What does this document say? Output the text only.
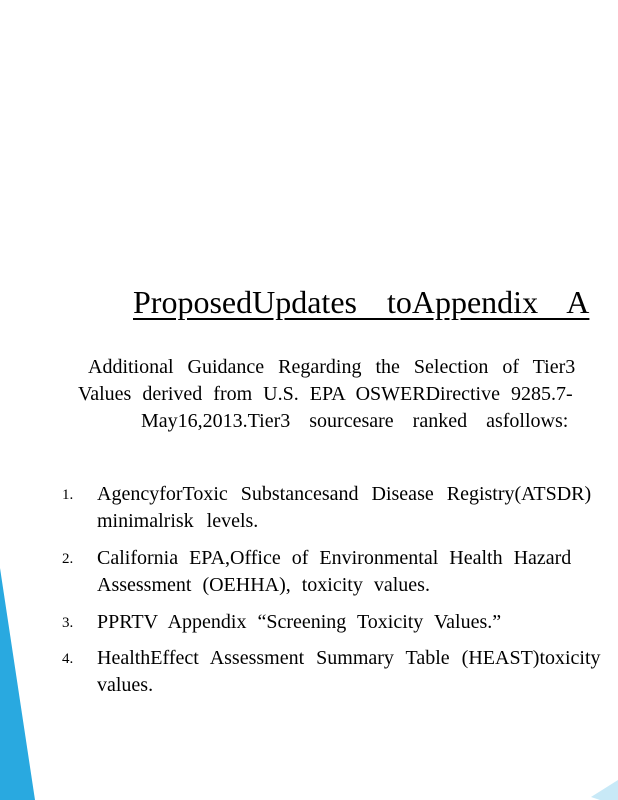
ProposedUpdates toAppendix A
Additional Guidance Regarding the Selection of Tier3
Values derived from U.S. EPA OSWERDirective 9285.7-
May16,2013.Tier3 sourcesare ranked asfollows:
1. AgencyforToxic Substancesand Disease Registry(ATSDR)
minimalrisk levels.
2. California EPA,Office of Environmental Health Hazard
Assessment (OEHHA), toxicity values.
3. PPRTV Appendix “Screening Toxicity Values.”
4. HealthEffect Assessment Summary Table (HEAST)toxicity
values.
